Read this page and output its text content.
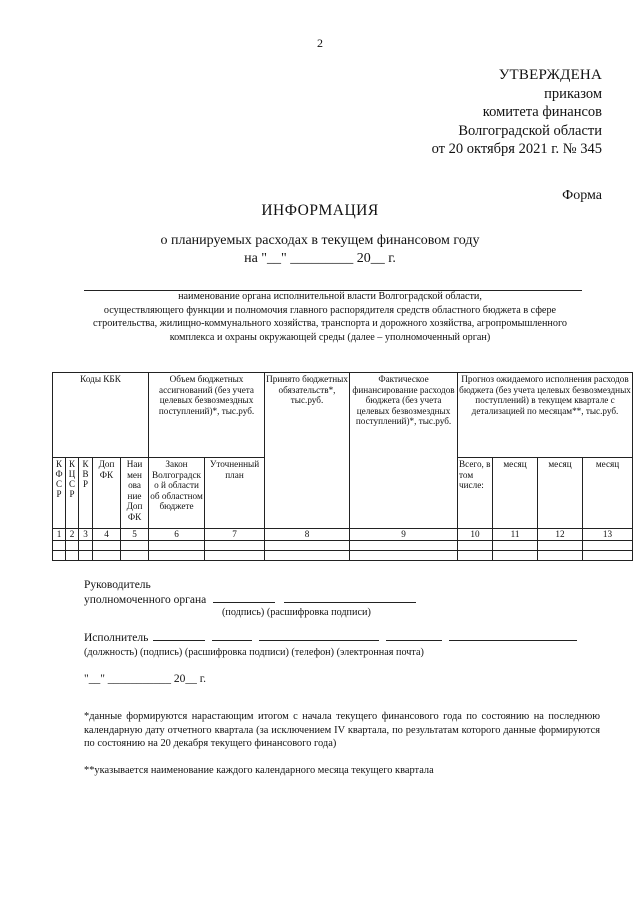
2
УТВЕРЖДЕНА
приказом
комитета финансов
Волгоградской области
от 20 октября 2021 г. № 345
Форма
ИНФОРМАЦИЯ
о планируемых расходах в текущем финансовом году
на "__" _________ 20__ г.
наименование органа исполнительной власти Волгоградской области,
осуществляющего функции и полномочия главного распорядителя средств областного бюджета в сфере
строительства, жилищно-коммунального хозяйства, транспорта и дорожного хозяйства, агропромышленного
комплекса и охраны окружающей среды (далее – уполномоченный орган)
Коды КБК					Объем бюджетных ассигнований (без учета целевых безвозмездных поступлений)*, тыс.руб.		Принято бюджетных обязательств*, тыс.руб.	Фактическое финансирование расходов бюджета (без учета целевых безвозмездных поступлений)*, тыс.руб.	Прогноз ожидаемого исполнения расходов бюджета (без учета целевых безвозмездных поступлений) в текущем квартале с детализацией по месяцам**, тыс.руб.			
К Ф С Р	К Ц С Р	К В Р	Доп ФК	Наи мен ова ние Доп ФК	Закон Волгоградско й области об областном бюджете	Уточненный план			Всего, в том числе:	месяц	месяц	месяц
1	2	3	4	5	6	7	8	9	10	11	12	13

Руководитель
уполномоченного органа
(подпись) (расшифровка подписи)
Исполнитель
(должность) (подпись) (расшифровка подписи) (телефон) (электронная почта)
"__" ___________ 20__ г.
*данные формируются нарастающим итогом с начала текущего финансового года по состоянию на последнюю календарную дату отчетного квартала (за исключением IV квартала, по результатам которого данные формируются по состоянию на 20 декабря текущего финансового года)
**указывается наименование каждого календарного месяца текущего квартала
